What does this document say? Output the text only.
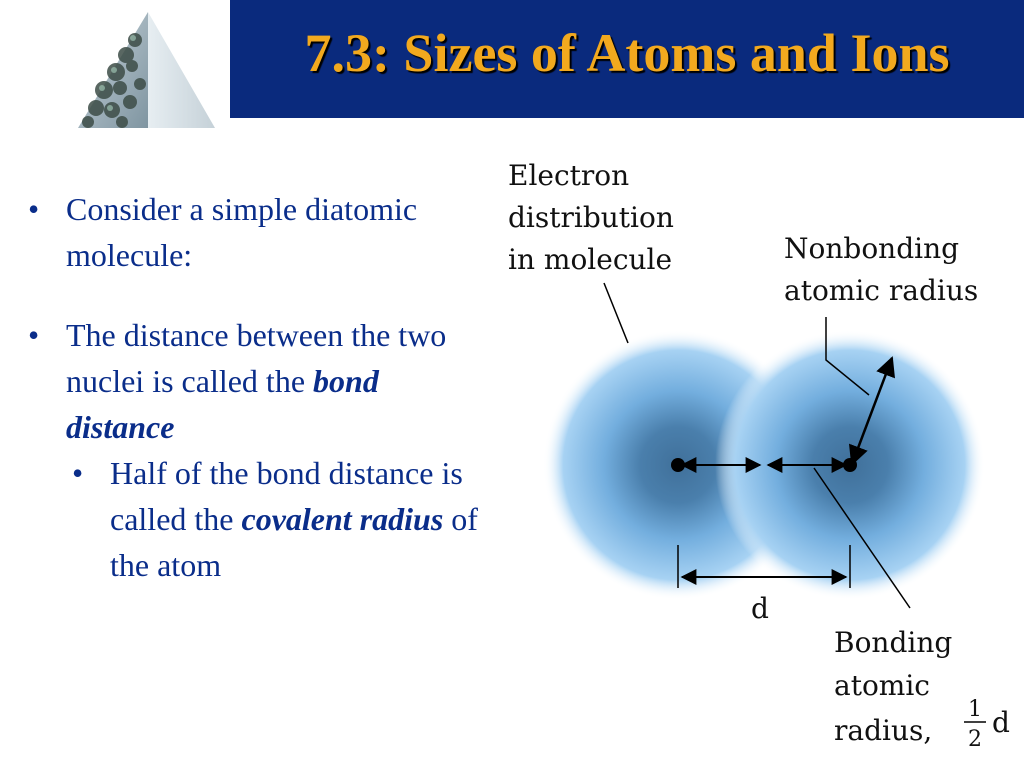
7.3: Sizes of Atoms and Ions
• Consider a simple diatomic molecule:
• The distance between the two nuclei is called the bond distance
• Half of the bond distance is called the covalent radius of the atom
Electron
distribution
in molecule	Nonbonding
atomic radius
d
Bonding
atomic
radius,
1
2
d
